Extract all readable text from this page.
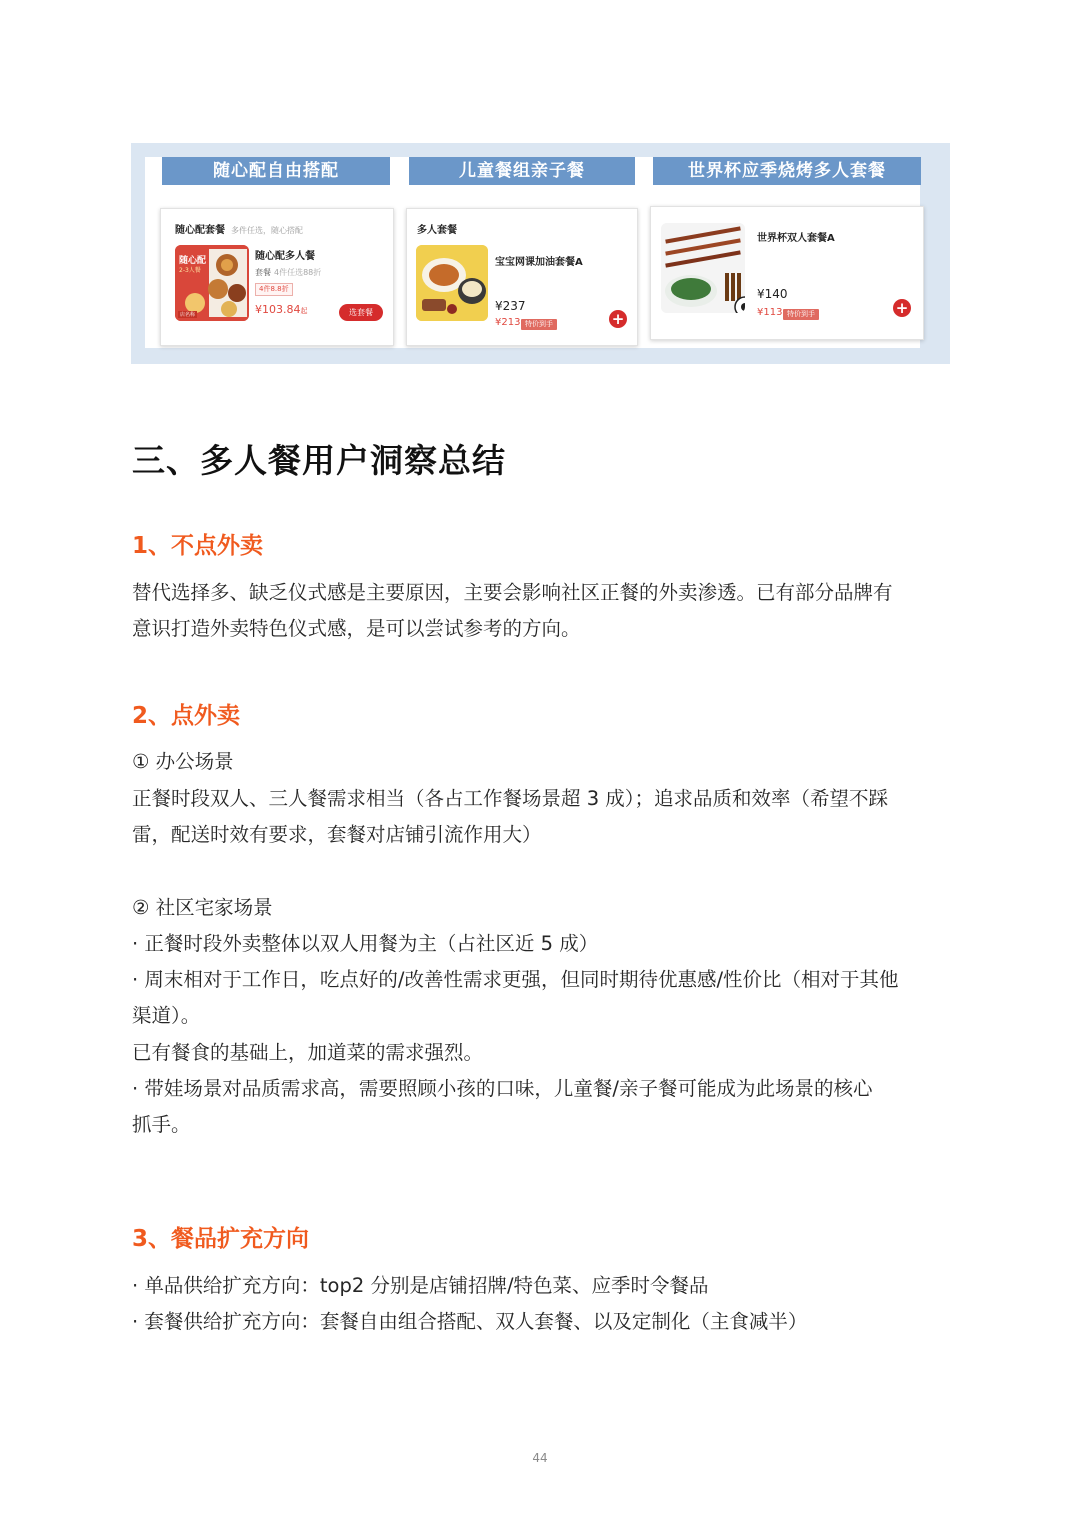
随心配自由搭配
随心配套餐 多件任选，随心搭配
随心配
2-3人餐
店名称
随心配多人餐
套餐 4件任选88折
4件8.8折
¥103.84起	选套餐
儿童餐组亲子餐
多人套餐
宝宝网课加油套餐A
¥237
¥213 特价到手	+
世界杯应季烧烤多人套餐
世界杯双人套餐A
¥140
¥113 特价到手	+
三、多人餐用户洞察总结
1、不点外卖

替代选择多、缺乏仪式感是主要原因，主要会影响社区正餐的外卖渗透。已有部分品牌有

意识打造外卖特色仪式感，是可以尝试参考的方向。

2、点外卖

① 办公场景

正餐时段双人、三人餐需求相当（各占工作餐场景超 3 成）；追求品质和效率（希望不踩

雷，配送时效有要求，套餐对店铺引流作用大）

② 社区宅家场景

· 正餐时段外卖整体以双人用餐为主（占社区近 5 成）

· 周末相对于工作日，吃点好的/改善性需求更强，但同时期待优惠感/性价比（相对于其他

渠道）。

已有餐食的基础上，加道菜的需求强烈。

· 带娃场景对品质需求高，需要照顾小孩的口味，儿童餐/亲子餐可能成为此场景的核心

抓手。

3、餐品扩充方向

· 单品供给扩充方向：top2 分别是店铺招牌/特色菜、应季时令餐品

· 套餐供给扩充方向：套餐自由组合搭配、双人套餐、以及定制化（主食减半）

44
